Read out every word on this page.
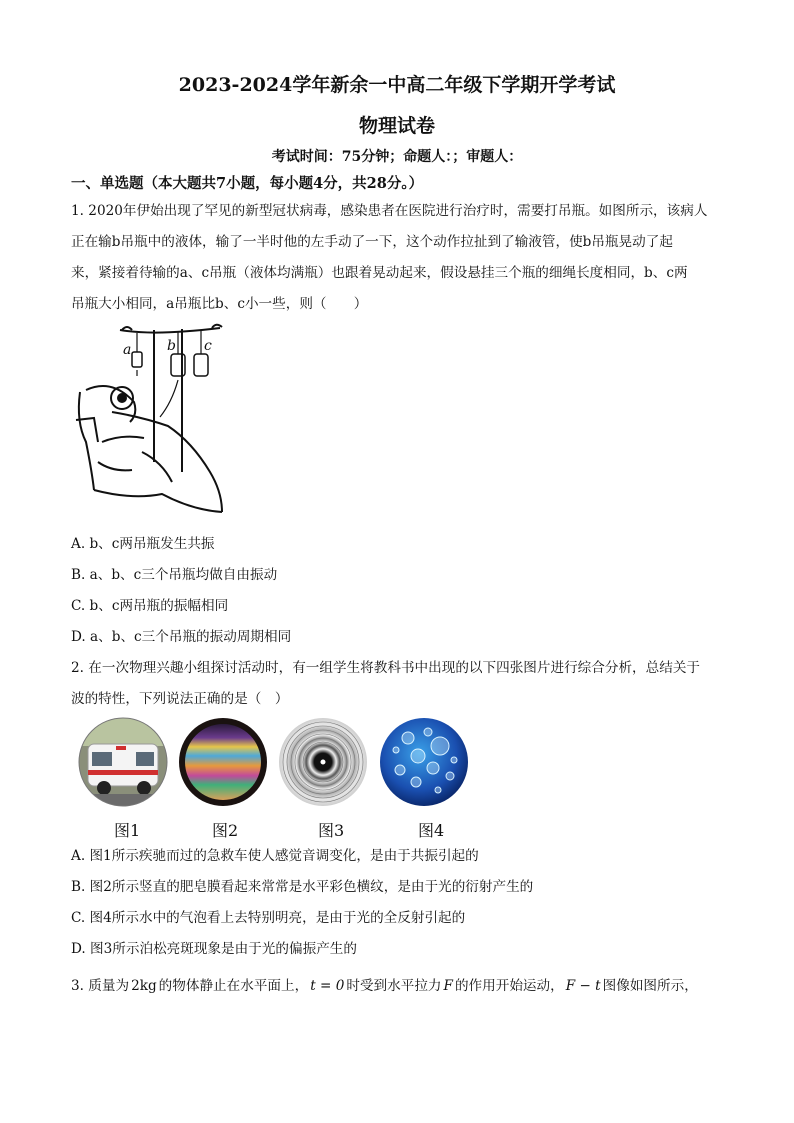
2023-2024学年新余一中高二年级下学期开学考试
物理试卷
考试时间：75分钟；命题人：；审题人：
一、单选题（本大题共7小题，每小题4分，共28分。）
1. 2020年伊始出现了罕见的新型冠状病毒，感染患者在医院进行治疗时，需要打吊瓶。如图所示，该病人
正在输b吊瓶中的液体，输了一半时他的左手动了一下，这个动作拉扯到了输液管，使b吊瓶晃动了起
来，紧接着待输的a、c吊瓶（液体均满瓶）也跟着晃动起来，假设悬挂三个瓶的细绳长度相同，b、c两
吊瓶大小相同，a吊瓶比b、c小一些，则（　　）
a	b c
A. b、c两吊瓶发生共振
B. a、b、c三个吊瓶均做自由振动
C. b、c两吊瓶的振幅相同
D. a、b、c三个吊瓶的振动周期相同
2. 在一次物理兴趣小组探讨活动时，有一组学生将教科书中出现的以下四张图片进行综合分析，总结关于
波的特性，下列说法正确的是（　）
图1	图2	图3	图4
A. 图1所示疾驰而过的急救车使人感觉音调变化，是由于共振引起的
B. 图2所示竖直的肥皂膜看起来常常是水平彩色横纹，是由于光的衍射产生的
C. 图4所示水中的气泡看上去特别明亮，是由于光的全反射引起的
D. 图3所示泊松亮斑现象是由于光的偏振产生的
3. 质量为 2kg 的物体静止在水平面上， t = 0 时受到水平拉力 F 的作用开始运动， F − t 图像如图所示，
